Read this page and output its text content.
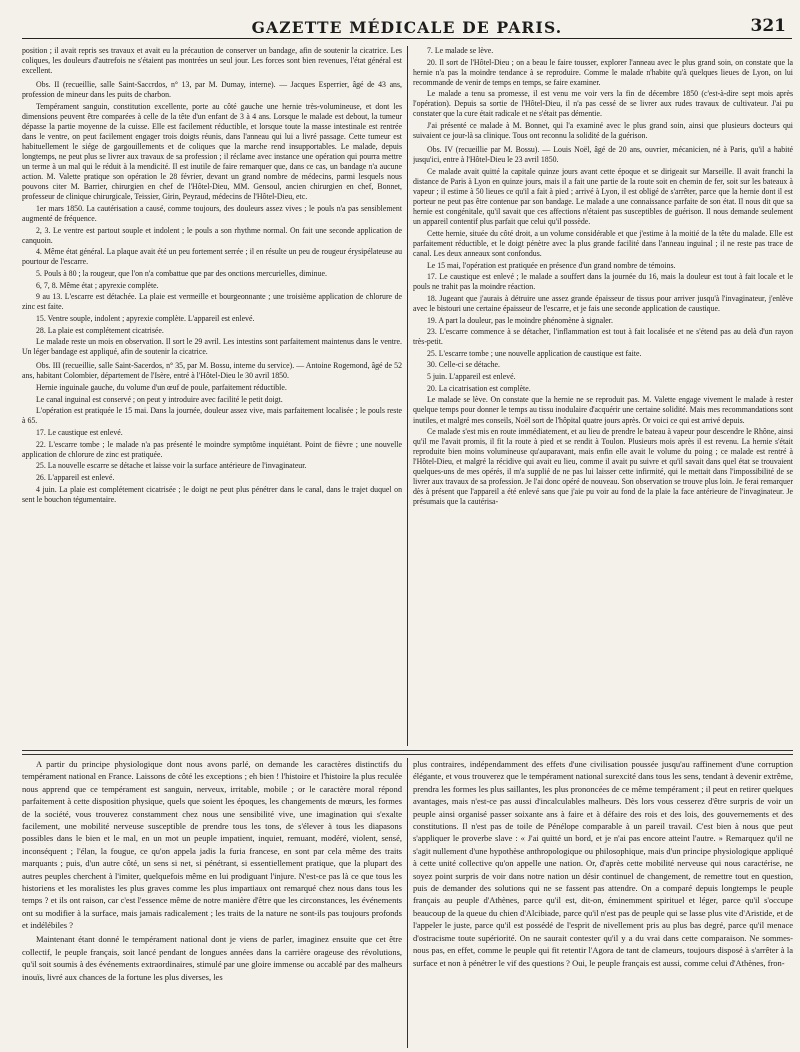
GAZETTE MÉDICALE DE PARIS.	321

position ; il avait repris ses travaux et avait eu la précaution de conserver un bandage, afin de soutenir la cicatrice. Les coliques, les douleurs d'autrefois ne s'étaient pas montrées un seul jour. Les forces sont bien revenues, l'état général est excellent.

Obs. II (recueillie, salle Saint-Saccrdos, n° 13, par M. Dumay, interne). — Jacques Esperrier, âgé de 43 ans, profession de mineur dans les puits de charbon.

Tempérament sanguin, constitution excellente, porte au côté gauche une hernie très-volumineuse, et dont les dimensions peuvent être comparées à celle de la tête d'un enfant de 3 à 4 ans. Lorsque le malade est debout, la tumeur dépasse la partie moyenne de la cuisse. Elle est facilement réductible, et lorsque toute la masse intestinale est rentrée dans le ventre, on peut facilement engager trois doigts réunis, dans l'anneau qui lui a livré passage. Cette tumeur est habituellement le siége de gargouillements et de coliques que la marche rend insupportables. Le malade, depuis longtemps, ne peut plus se livrer aux travaux de sa profession ; il réclame avec instance une opération qui pourra mettre un terme à un mal qui le réduit à la mendicité. Il est inutile de faire remarquer que, dans ce cas, un bandage n'a aucune action. M. Valette pratique son opération le 28 février, devant un grand nombre de médecins, parmi lesquels nous pouvons citer M. Barrier, chirurgien en chef de l'Hôtel-Dieu, MM. Gensoul, ancien chirurgien en chef, Bonnet, professeur de clinique chirurgicale, Teissier, Girin, Peyraud, médecins de l'Hôtel-Dieu, etc.

1er mars 1850. La cautérisation a causé, comme toujours, des douleurs assez vives ; le pouls n'a pas sensiblement augmenté de fréquence.

2, 3. Le ventre est partout souple et indolent ; le pouls a son rhythme normal. On fait une seconde application de canquoin.

4. Même état général. La plaque avait été un peu fortement serrée ; il en résulte un peu de rougeur érysipélateuse au pourtour de l'escarre.

5. Pouls à 80 ; la rougeur, que l'on n'a combattue que par des onctions mercurielles, diminue.

6, 7, 8. Même état ; apyrexie complète.

9 au 13. L'escarre est détachée. La plaie est vermeille et bourgeonnante ; une troisième application de chlorure de zinc est faite.

15. Ventre souple, indolent ; apyrexie complète. L'appareil est enlevé.

28. La plaie est complétement cicatrisée.

Le malade reste un mois en observation. Il sort le 29 avril. Les intestins sont parfaitement maintenus dans le ventre. Un léger bandage est appliqué, afin de soutenir la cicatrice.

Obs. III (recueillie, salle Saint-Sacerdos, n° 35, par M. Bossu, interne du service). — Antoine Rogemond, âgé de 52 ans, habitant Colombier, département de l'Isère, entré à l'Hôtel-Dieu le 30 avril 1850.

Hernie inguinale gauche, du volume d'un œuf de poule, parfaitement réductible.

Le canal inguinal est conservé ; on peut y introduire avec facilité le petit doigt.

L'opération est pratiquée le 15 mai. Dans la journée, douleur assez vive, mais parfaitement localisée ; le pouls reste à 65.

17. Le caustique est enlevé.

22. L'escarre tombe ; le malade n'a pas présenté le moindre symptôme inquiétant. Point de fièvre ; une nouvelle application de chlorure de zinc est pratiquée.

25. La nouvelle escarre se détache et laisse voir la surface antérieure de l'invaginateur.

26. L'appareil est enlevé.

4 juin. La plaie est complétement cicatrisée ; le doigt ne peut plus pénétrer dans le canal, dans le trajet duquel on sent le bouchon tégumentaire.

7. Le malade se lève.

20. Il sort de l'Hôtel-Dieu ; on a beau le faire tousser, explorer l'anneau avec le plus grand soin, on constate que la hernie n'a pas la moindre tendance à se reproduire. Comme le malade n'habite qu'à quelques lieues de Lyon, on lui recommande de venir de temps en temps, se faire examiner.

Le malade a tenu sa promesse, il est venu me voir vers la fin de décembre 1850 (c'est-à-dire sept mois après l'opération). Depuis sa sortie de l'Hôtel-Dieu, il n'a pas cessé de se livrer aux rudes travaux de cultivateur. J'ai pu constater que la cure était radicale et ne s'était pas démentie.

J'ai présenté ce malade à M. Bonnet, qui l'a examiné avec le plus grand soin, ainsi que plusieurs docteurs qui suivaient ce jour-là sa clinique. Tous ont reconnu la solidité de la guérison.

Obs. IV (recueillie par M. Bossu). — Louis Noël, âgé de 20 ans, ouvrier, mécanicien, né à Paris, qu'il a habité jusqu'ici, entre à l'Hôtel-Dieu le 23 avril 1850.

Ce malade avait quitté la capitale quinze jours avant cette époque et se dirigeait sur Marseille. Il avait franchi la distance de Paris à Lyon en quinze jours, mais il a fait une partie de la route soit en chemin de fer, soit sur les bateaux à vapeur ; il estime à 50 lieues ce qu'il a fait à pied ; arrivé à Lyon, il est obligé de s'arrêter, parce que la hernie dont il est porteur ne peut pas être contenue par son bandage. Le malade a une connaissance parfaite de son état. Il nous dit que sa hernie est congénitale, qu'il savait que ces affections n'étaient pas susceptibles de guérison. Il nous demande seulement un appareil contentif plus parfait que celui qu'il possède.

Cette hernie, située du côté droit, a un volume considérable et que j'estime à la moitié de la tête du malade. Elle est parfaitement réductible, et le doigt pénètre avec la plus grande facilité dans l'anneau inguinal ; il ne reste pas trace de canal. Les deux anneaux sont confondus.

Le 15 mai, l'opération est pratiquée en présence d'un grand nombre de témoins.

17. Le caustique est enlevé ; le malade a souffert dans la journée du 16, mais la douleur est tout à fait locale et le pouls ne trahit pas la moindre réaction.

18. Jugeant que j'aurais à détruire une assez grande épaisseur de tissus pour arriver jusqu'à l'invaginateur, j'enlève avec le bistouri une certaine épaisseur de l'escarre, et je fais une seconde application de caustique.

19. A part la douleur, pas le moindre phénomène à signaler.

23. L'escarre commence à se détacher, l'inflammation est tout à fait localisée et ne s'étend pas au delà d'un rayon très-petit.

25. L'escarre tombe ; une nouvelle application de caustique est faite.

30. Celle-ci se détache.

5 juin. L'appareil est enlevé.

20. La cicatrisation est complète.

Le malade se lève. On constate que la hernie ne se reproduit pas. M. Valette engage vivement le malade à rester quelque temps pour donner le temps au tissu inodulaire d'acquérir une certaine solidité. Mais mes recommandations sont inutiles, et malgré mes conseils, Noël sort de l'hôpital quatre jours après. Or voici ce qui est arrivé depuis.

Ce malade s'est mis en route immédiatement, et au lieu de prendre le bateau à vapeur pour descendre le Rhône, ainsi qu'il me l'avait promis, il fit la route à pied et se rendit à Toulon. Plusieurs mois après il est revenu. La hernie s'était reproduite bien moins volumineuse qu'auparavant, mais enfin elle avait le volume du poing ; ce malade est rentré à l'Hôtel-Dieu, et malgré la récidive qui avait eu lieu, comme il avait pu suivre et qu'il savait dans quel état se trouvaient quelques-uns de mes opérés, il m'a supplié de ne pas lui laisser cette infirmité, qui le mettait dans l'impossibilité de se livrer aux travaux de sa profession. Je l'ai donc opéré de nouveau. Son observation se trouve plus loin. Je ferai remarquer dès à présent que l'appareil a été enlevé sans que j'aie pu voir au fond de la plaie la face antérieure de l'invaginateur. Je présumais que la cautérisa-

A partir du principe physiologique dont nous avons parlé, on demande les caractères distinctifs du tempérament national en France. Laissons de côté les exceptions ; eh bien ! l'histoire et l'histoire la plus reculée nous apprend que ce tempérament est sanguin, nerveux, irritable, mobile ; or le caractère moral répond parfaitement à cette disposition physique, quels que soient les époques, les changements de mœurs, les formes de la société, vous trouverez constamment chez nous une sensibilité vive, une imagination qui s'exalte facilement, une mobilité nerveuse susceptible de prendre tous les tons, de s'élever à tous les diapasons possibles dans le bien et le mal, en un mot un peuple impatient, inquiet, remuant, modéré, violent, sensé, inconséquent ; l'élan, la fougue, ce qu'on appela jadis la furia francese, en sont par cela même des traits marquants ; puis, d'un autre côté, un sens si net, si pénétrant, si essentiellement pratique, que la plupart des autres peuples cherchent à l'imiter, quelquefois même en lui prodiguant l'injure. N'est-ce pas là ce que tous les historiens et les moralistes les plus graves comme les plus impartiaux ont remarqué chez nous dans tous les temps ? et ils ont raison, car c'est l'essence même de notre manière d'être que les circonstances, les événements ont su modifier à la surface, mais jamais radicalement ; les traits de la nature ne sont-ils pas toujours profonds et indélébiles ?

Maintenant étant donné le tempérament national dont je viens de parler, imaginez ensuite que cet être collectif, le peuple français, soit lancé pendant de longues années dans la carrière orageuse des révolutions, qu'il soit soumis à des événements extraordinaires, stimulé par une gloire immense ou accablé par des malheurs inouïs, livré aux chances de la fortune les plus diverses, les

plus contraires, indépendamment des effets d'une civilisation poussée jusqu'au raffinement d'une corruption élégante, et vous trouverez que le tempérament national surexcité dans tous les sens, tendant à devenir extrême, prendra les formes les plus saillantes, les plus prononcées de ce même tempérament ; il peut en retirer quelques avantages, mais n'est-ce pas aussi d'incalculables malheurs. Dès lors vous cesserez d'être surpris de voir un peuple ainsi organisé passer soixante ans à faire et à défaire des rois et des lois, des gouvernements et des constitutions. Il n'est pas de toile de Pénélope comparable à un pareil travail. C'est bien à nous que peut s'appliquer le proverbe slave : « J'ai quitté un bord, et je n'ai pas encore atteint l'autre. » Remarquez qu'il ne s'agit nullement d'une hypothèse anthropologique ou philosophique, mais d'un principe physiologique appliqué à cette unité collective qu'on appelle une nation. Or, d'après cette mobilité nerveuse qui nous caractérise, ne soyez point surpris de voir dans notre nation un désir continuel de changement, de remettre tout en question, puis de demander des solutions qui ne se fassent pas attendre. On a comparé depuis longtemps le peuple français au peuple d'Athènes, parce qu'il est, dit-on, éminemment spirituel et léger, parce qu'il s'occupe beaucoup de la queue du chien d'Alcibiade, parce qu'il n'est pas de peuple qui se lasse plus vite d'Aristide, et de l'appeler le juste, parce qu'il est possédé de l'esprit de nivellement pris au plus bas degré, parce qu'il menace d'ostracisme toute supériorité. On ne saurait contester qu'il y a du vrai dans cette comparaison. Ne sommes-nous pas, en effet, comme le peuple qui fit retentir l'Agora de tant de clameurs, toujours disposé à s'arrêter à la surface et non à pénétrer le vif des questions ? Oui, le peuple français est aussi, comme celui d'Athènes, fron-
